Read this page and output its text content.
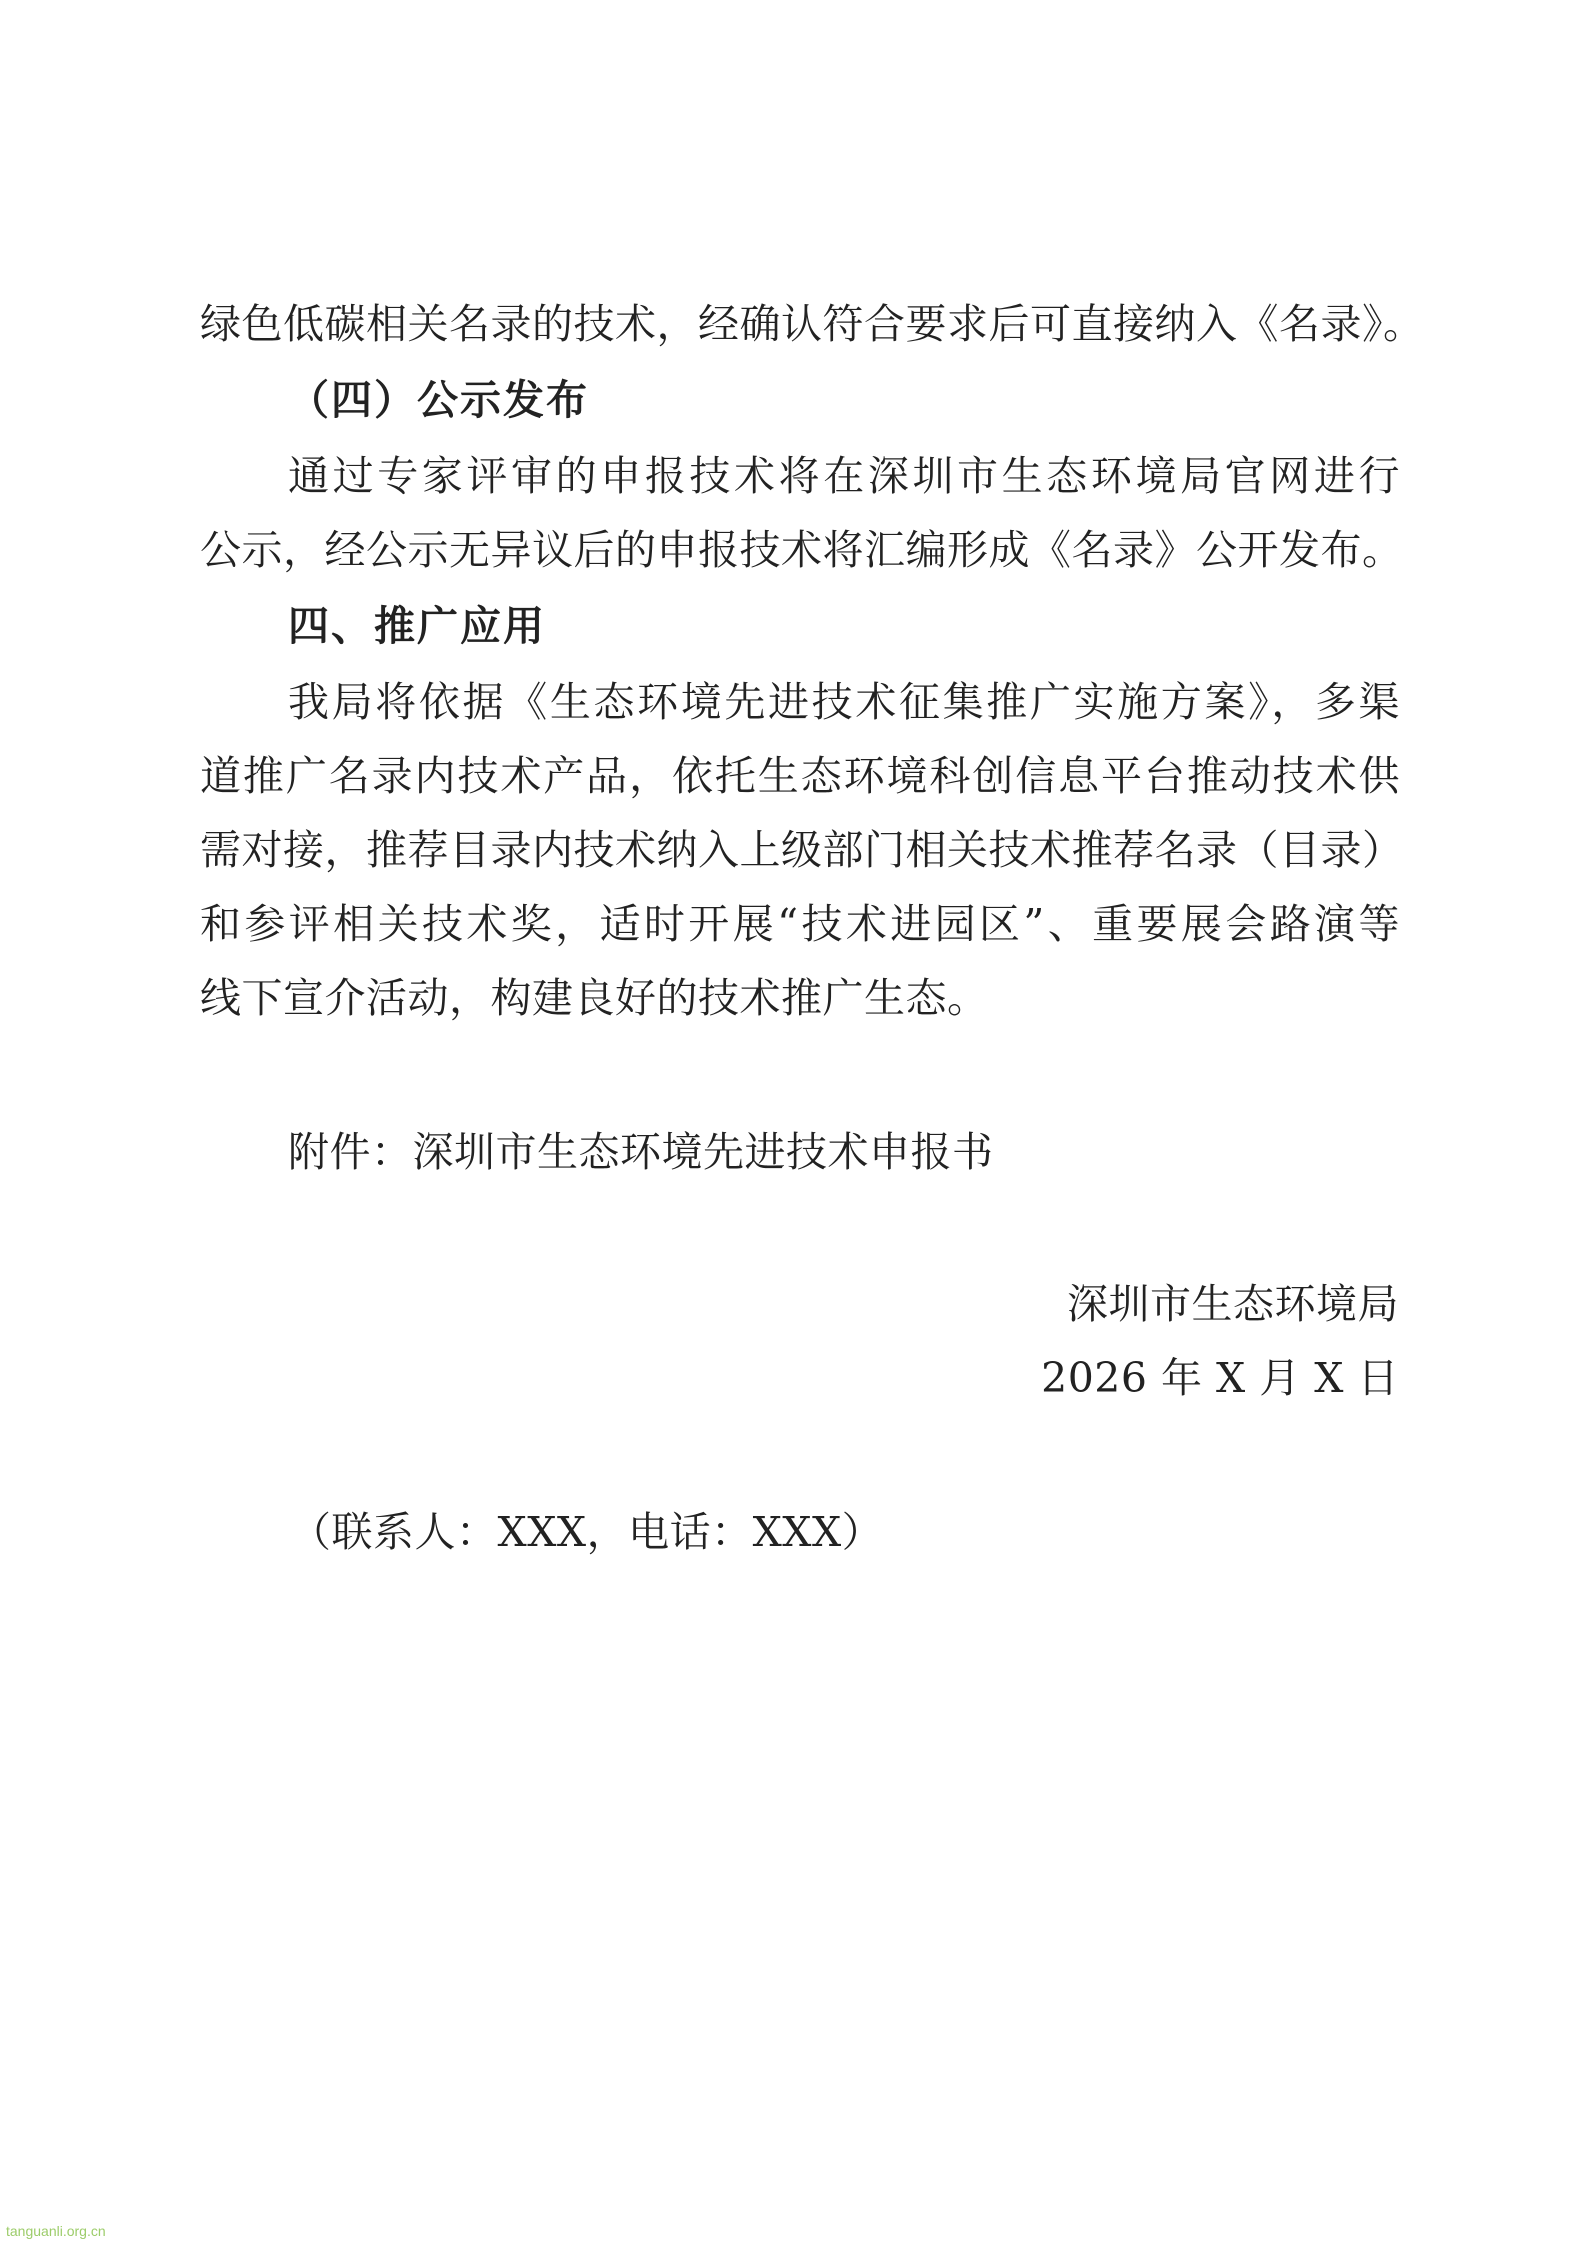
绿色低碳相关名录的技术，经确认符合要求后可直接纳入《名录》。
（四）公示发布
通过专家评审的申报技术将在深圳市生态环境局官网进行
公示，经公示无异议后的申报技术将汇编形成《名录》公开发布。
四、推广应用
我局将依据《生态环境先进技术征集推广实施方案》，多渠
道推广名录内技术产品，依托生态环境科创信息平台推动技术供
需对接，推荐目录内技术纳入上级部门相关技术推荐名录（目录）
和参评相关技术奖，适时开展“技术进园区”、重要展会路演等
线下宣介活动，构建良好的技术推广生态。
附件：深圳市生态环境先进技术申报书
深圳市生态环境局
2026 年 X 月 X 日
（联系人：XXX，电话：XXX）
tanguanli.org.cn
